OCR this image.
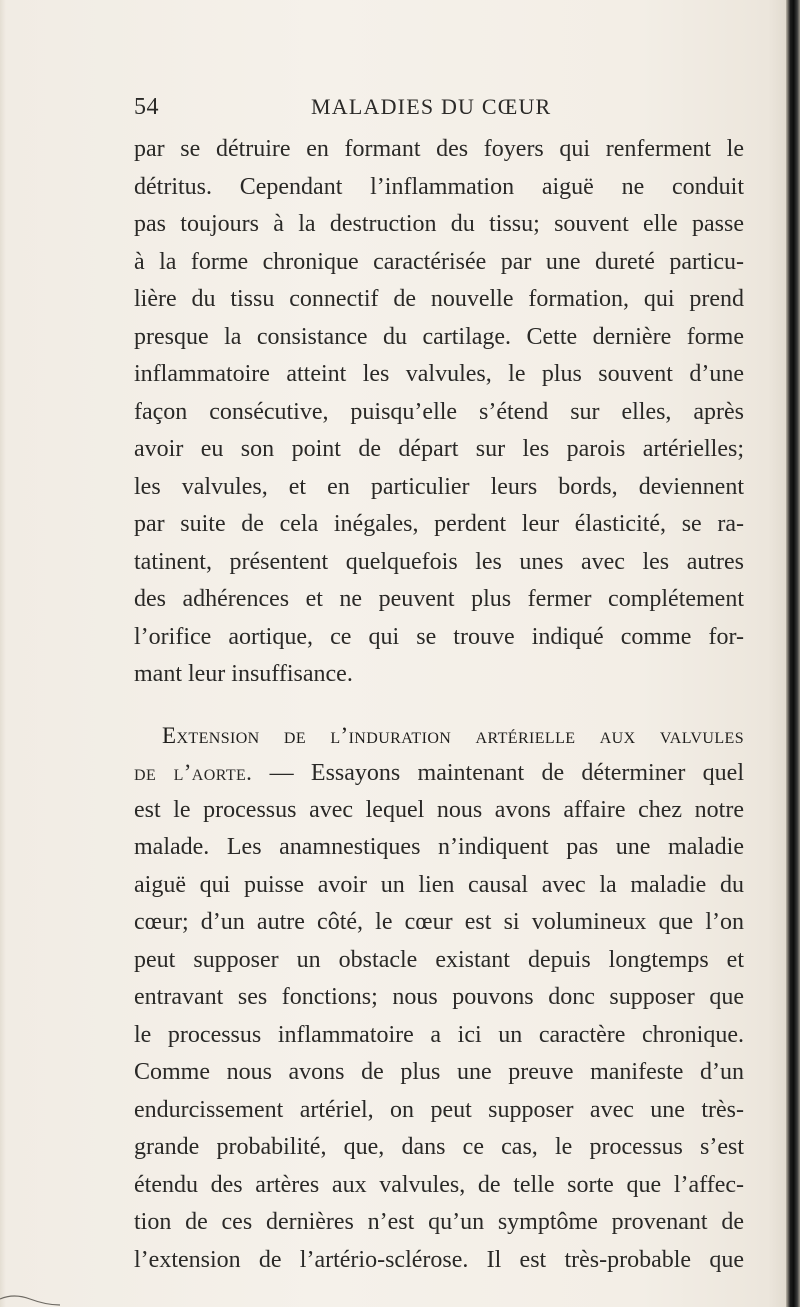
54	MALADIES DU CŒUR
par se détruire en formant des foyers qui renferment le
détritus. Cependant l’inflammation aiguë ne conduit
pas toujours à la destruction du tissu; souvent elle passe
à la forme chronique caractérisée par une dureté particu-
lière du tissu connectif de nouvelle formation, qui prend
presque la consistance du cartilage. Cette dernière forme
inflammatoire atteint les valvules, le plus souvent d’une
façon consécutive, puisqu’elle s’étend sur elles, après
avoir eu son point de départ sur les parois artérielles;
les valvules, et en particulier leurs bords, deviennent
par suite de cela inégales, perdent leur élasticité, se ra-
tatinent, présentent quelquefois les unes avec les autres
des adhérences et ne peuvent plus fermer complétement
l’orifice aortique, ce qui se trouve indiqué comme for-
mant leur insuffisance.
Extension de l’induration artérielle aux valvules
de l’aorte. — Essayons maintenant de déterminer quel
est le processus avec lequel nous avons affaire chez notre
malade. Les anamnestiques n’indiquent pas une maladie
aiguë qui puisse avoir un lien causal avec la maladie du
cœur; d’un autre côté, le cœur est si volumineux que l’on
peut supposer un obstacle existant depuis longtemps et
entravant ses fonctions; nous pouvons donc supposer que
le processus inflammatoire a ici un caractère chronique.
Comme nous avons de plus une preuve manifeste d’un
endurcissement artériel, on peut supposer avec une très-
grande probabilité, que, dans ce cas, le processus s’est
étendu des artères aux valvules, de telle sorte que l’affec-
tion de ces dernières n’est qu’un symptôme provenant de
l’extension de l’artério-sclérose. Il est très-probable que
